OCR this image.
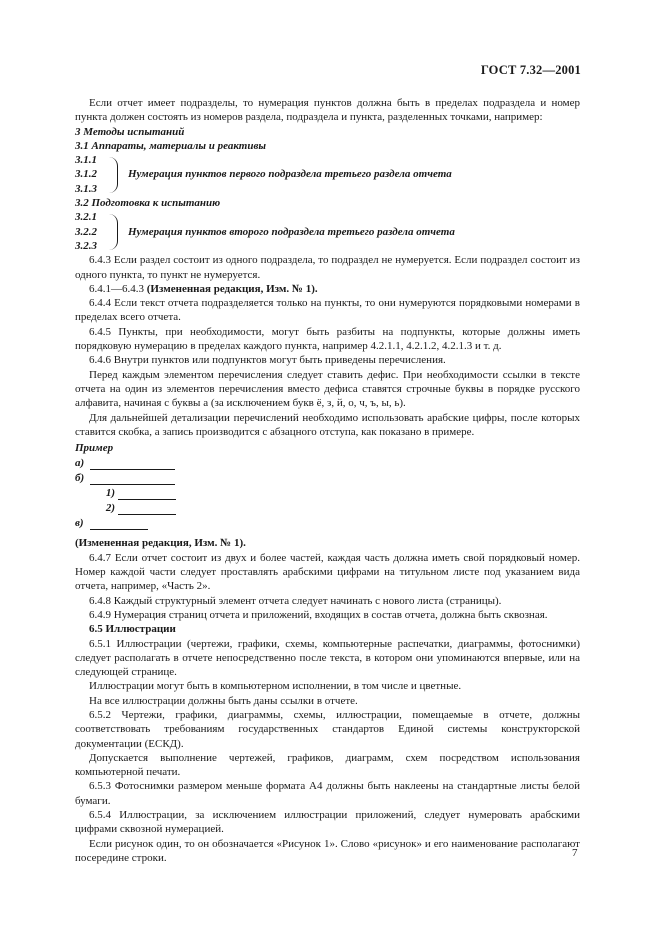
ГОСТ 7.32—2001
Если отчет имеет подразделы, то нумерация пунктов должна быть в пределах подраздела и номер пункта должен состоять из номеров раздела, подраздела и пункта, разделенных точками, например:
3 Методы испытаний
3.1 Аппараты, материалы и реактивы
3.1.1
3.1.2
3.1.3
Нумерация пунктов первого подраздела третьего раздела отчета
3.2 Подготовка к испытанию
3.2.1
3.2.2
3.2.3
Нумерация пунктов второго подраздела третьего раздела отчета
6.4.3 Если раздел состоит из одного подраздела, то подраздел не нумеруется. Если подраздел состоит из одного пункта, то пункт не нумеруется.
6.4.1—6.4.3 (Измененная редакция, Изм. № 1).
6.4.4 Если текст отчета подразделяется только на пункты, то они нумеруются порядковыми номерами в пределах всего отчета.
6.4.5 Пункты, при необходимости, могут быть разбиты на подпункты, которые должны иметь порядковую нумерацию в пределах каждого пункта, например 4.2.1.1, 4.2.1.2, 4.2.1.3 и т. д.
6.4.6 Внутри пунктов или подпунктов могут быть приведены перечисления.
Перед каждым элементом перечисления следует ставить дефис. При необходимости ссылки в тексте отчета на один из элементов перечисления вместо дефиса ставятся строчные буквы в порядке русского алфавита, начиная с буквы а (за исключением букв ё, з, й, о, ч, ъ, ы, ь).
Для дальнейшей детализации перечислений необходимо использовать арабские цифры, после которых ставится скобка, а запись производится с абзацного отступа, как показано в примере.
Пример
а)
б)
1)
2)
в)
(Измененная редакция, Изм. № 1).
6.4.7 Если отчет состоит из двух и более частей, каждая часть должна иметь свой порядковый номер. Номер каждой части следует проставлять арабскими цифрами на титульном листе под указанием вида отчета, например, «Часть 2».
6.4.8 Каждый структурный элемент отчета следует начинать с нового листа (страницы).
6.4.9 Нумерация страниц отчета и приложений, входящих в состав отчета, должна быть сквозная.
6.5 Иллюстрации
6.5.1 Иллюстрации (чертежи, графики, схемы, компьютерные распечатки, диаграммы, фотоснимки) следует располагать в отчете непосредственно после текста, в котором они упоминаются впервые, или на следующей странице.
Иллюстрации могут быть в компьютерном исполнении, в том числе и цветные.
На все иллюстрации должны быть даны ссылки в отчете.
6.5.2 Чертежи, графики, диаграммы, схемы, иллюстрации, помещаемые в отчете, должны соответствовать требованиям государственных стандартов Единой системы конструкторской документации (ЕСКД).
Допускается выполнение чертежей, графиков, диаграмм, схем посредством использования компьютерной печати.
6.5.3 Фотоснимки размером меньше формата А4 должны быть наклеены на стандартные листы белой бумаги.
6.5.4 Иллюстрации, за исключением иллюстрации приложений, следует нумеровать арабскими цифрами сквозной нумерацией.
Если рисунок один, то он обозначается «Рисунок 1». Слово «рисунок» и его наименование располагают посередине строки.	7
